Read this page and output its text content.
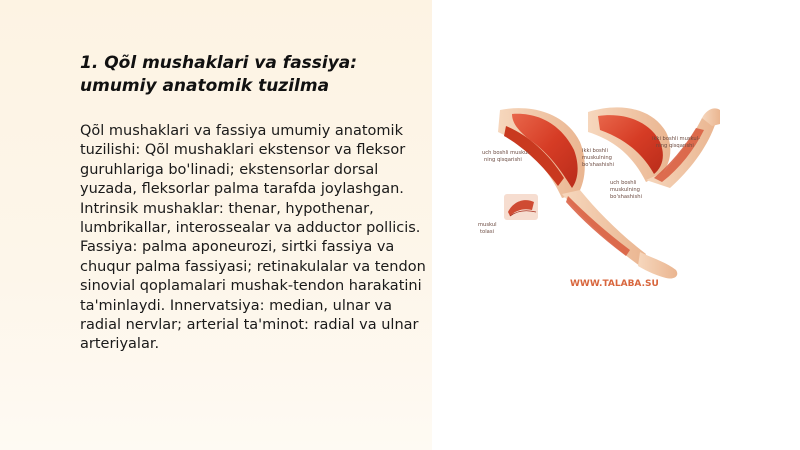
1. Qõl mushaklari va fassiya: umumiy anatomik tuzilma

Qõl mushaklari va fassiya umumiy anatomik tuzilishi: Qõl mushaklari ekstensor va fleksor guruhlariga bo'linadi; ekstensorlar dorsal yuzada, fleksorlar palma tarafda joylashgan. Intrinsik mushaklar: thenar, hypothenar, lumbrikallar, interossealar va adductor pollicis. Fassiya: palma aponeurozi, sirtki fassiya va chuqur palma fassiyasi; retinakulalar va tendon sinovial qoplamalari mushak-tendon harakatini ta'minlaydi. Innervatsiya: median, ulnar va radial nervlar; arterial ta'minot: radial va ulnar arteriyalar.

uch boshli muskul-
ning qisqarishi
ikki boshli
muskulning
bo'shashishi
ikki boshli muskul-
ning qisqarishi
uch boshli
muskulning
bo'shashishi
muskul
tolasi
WWW.TALABA.SU
